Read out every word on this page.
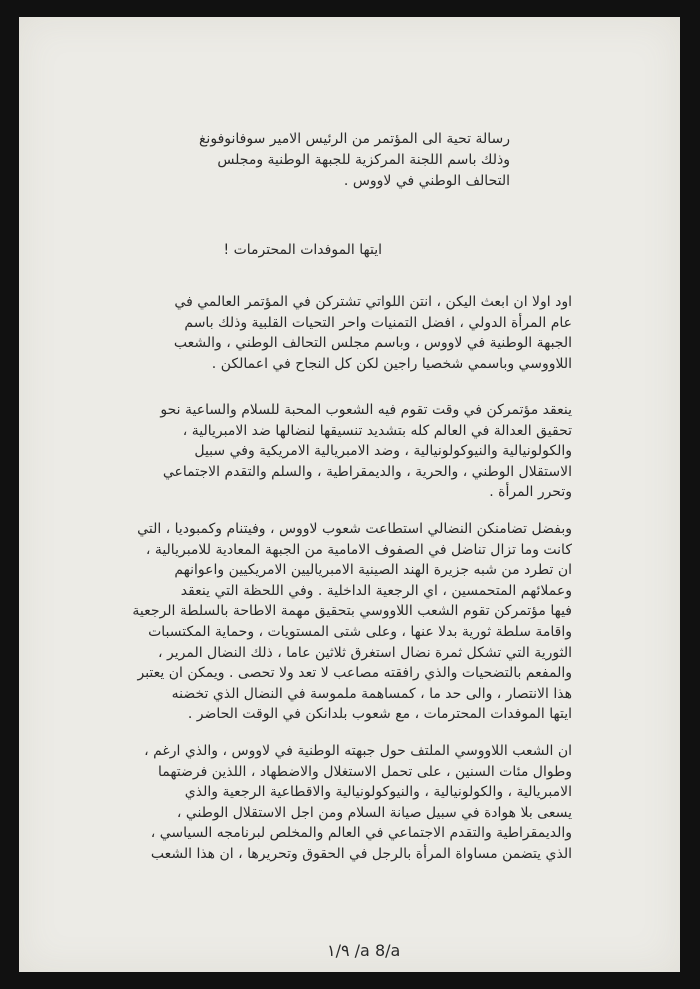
رسالة تحية الى المؤتمر من الرئيس الامير سوفانوفونغ
وذلك باسم اللجنة المركزية للجبهة الوطنية ومجلس
التحالف الوطني في لاووس .
ايتها الموفدات المحترمات !
اود اولا ان ابعث اليكن ، انتن اللواتي تشتركن في المؤتمر العالمي في
عام المرأة الدولي ، افضل التمنيات واحر التحيات القلبية وذلك باسم
الجبهة الوطنية في لاووس ، وباسم مجلس التحالف الوطني ، والشعب
اللاووسي وباسمي شخصيا راجين لكن كل النجاح في اعمالكن .
ينعقد مؤتمركن في وقت تقوم فيه الشعوب المحبة للسلام والساعية نحو
تحقيق العدالة في العالم كله بتشديد تنسيقها لنضالها ضد الامبريالية ،
والكولونيالية والنيوكولونيالية ، وضد الامبريالية الامريكية وفي سبيل
الاستقلال الوطني ، والحرية ، والديمقراطية ، والسلم والتقدم الاجتماعي
وتحرر المرأة .
وبفضل تضامنكن النضالي استطاعت شعوب لاووس ، وفيتنام وكمبوديا ، التي
كانت وما تزال تناضل في الصفوف الامامية من الجبهة المعادية للامبريالية ،
ان تطرد من شبه جزيرة الهند الصينية الامبرياليين الامريكيين واعوانهم
وعملائهم المتحمسين ، اي الرجعية الداخلية . وفي اللحظة التي ينعقد
فيها مؤتمركن تقوم الشعب اللاووسي بتحقيق مهمة الاطاحة بالسلطة الرجعية
واقامة سلطة ثورية بدلا عنها ، وعلى شتى المستويات ، وحماية المكتسبات
الثورية التي تشكل ثمرة نضال استغرق ثلاثين عاما ، ذلك النضال المرير ،
والمفعم بالتضحيات والذي رافقته مصاعب لا تعد ولا تحصى . ويمكن ان يعتبر
هذا الانتصار ، والى حد ما ، كمساهمة ملموسة في النضال الذي تخضنه
ايتها الموفدات المحترمات ، مع شعوب بلدانكن في الوقت الحاضر .
ان الشعب اللاووسي الملتف حول جبهته الوطنية في لاووس ، والذي ارغم ،
وطوال مئات السنين ، على تحمل الاستغلال والاضطهاد ، اللذين فرضتهما
الامبريالية ، والكولونيالية ، والنيوكولونيالية والاقطاعية الرجعية والذي
يسعى بلا هوادة في سبيل صيانة السلام ومن اجل الاستقلال الوطني ،
والديمقراطية والتقدم الاجتماعي في العالم والمخلص لبرنامجه السياسي ،
الذي يتضمن مساواة المرأة بالرجل في الحقوق وتحريرها ، ان هذا الشعب
١/٩ /a 8/a
